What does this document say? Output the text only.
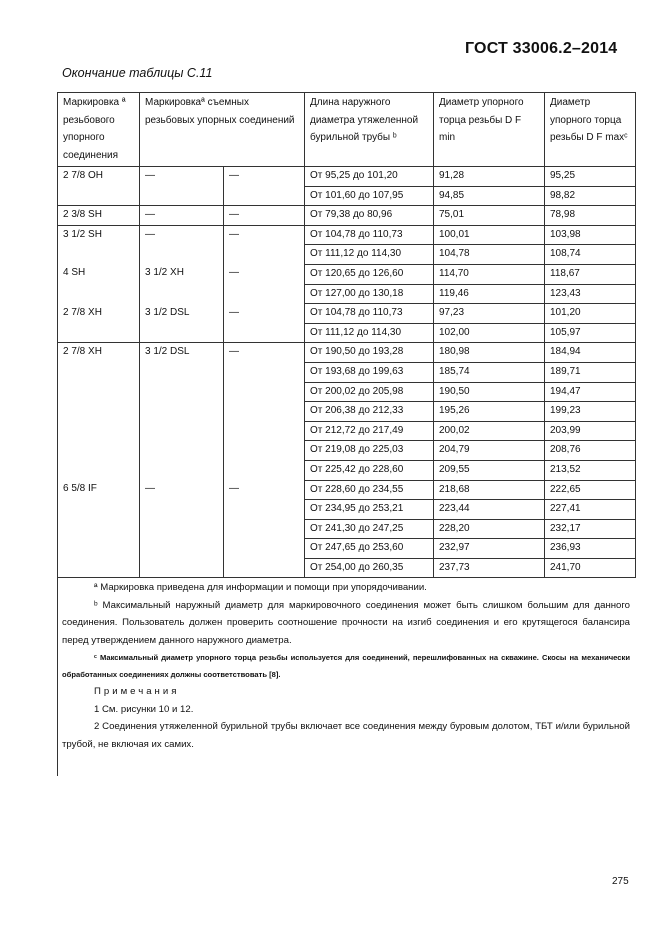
ГОСТ 33006.2–2014
Окончание таблицы С.11
Маркировка ª резьбового упорного соединения	Маркировкаª съемных резьбовых упорных соединений		Длина наружного диаметра утяжеленной бурильной трубы ᵇ	Диаметр упорного торца резьбы D F min	Диаметр упорного торца резьбы D F maxᶜ
2 7/8 OH	—	—	От 95,25 до 101,20	91,28	95,25
			От 101,60 до 107,95	94,85	98,82
2 3/8 SH	—	—	От 79,38 до 80,96	75,01	78,98
3 1/2 SH	—	—	От 104,78 до 110,73	100,01	103,98
			От 111,12 до 114,30	104,78	108,74
4 SH	3 1/2 XH	—	От 120,65 до 126,60	114,70	118,67
			От 127,00 до 130,18	119,46	123,43
2 7/8 XH	3 1/2 DSL	—	От 104,78 до 110,73	97,23	101,20
			От 111,12 до 114,30	102,00	105,97
2 7/8 XH	3 1/2 DSL	—	От 190,50 до 193,28	180,98	184,94
			От 193,68 до 199,63	185,74	189,71
			От 200,02 до 205,98	190,50	194,47
			От 206,38 до 212,33	195,26	199,23
			От 212,72 до 217,49	200,02	203,99
			От 219,08 до 225,03	204,79	208,76
			От 225,42 до 228,60	209,55	213,52
6 5/8 IF	—	—	От 228,60 до 234,55	218,68	222,65
			От 234,95 до 253,21	223,44	227,41
			От 241,30 до 247,25	228,20	232,17
			От 247,65 до 253,60	232,97	236,93
			От 254,00 до 260,35	237,73	241,70

ª Маркировка приведена для информации и помощи при упорядочивании.

ᵇ Максимальный наружный диаметр для маркировочного соединения может быть слишком большим для данного соединения. Пользователь должен проверить соотношение прочности на изгиб соединения и его крутящегося балансира перед утверждением данного наружного диаметра.

ᶜ Максимальный диаметр упорного торца резьбы используется для соединений, перешлифованных на скважине. Скосы на механически обработанных соединениях должны соответствовать [8].

Примечания

1 См. рисунки 10 и 12.

2 Соединения утяжеленной бурильной трубы включает все соединения между буровым долотом, ТБТ и/или бурильной трубой, не включая их самих.

275
